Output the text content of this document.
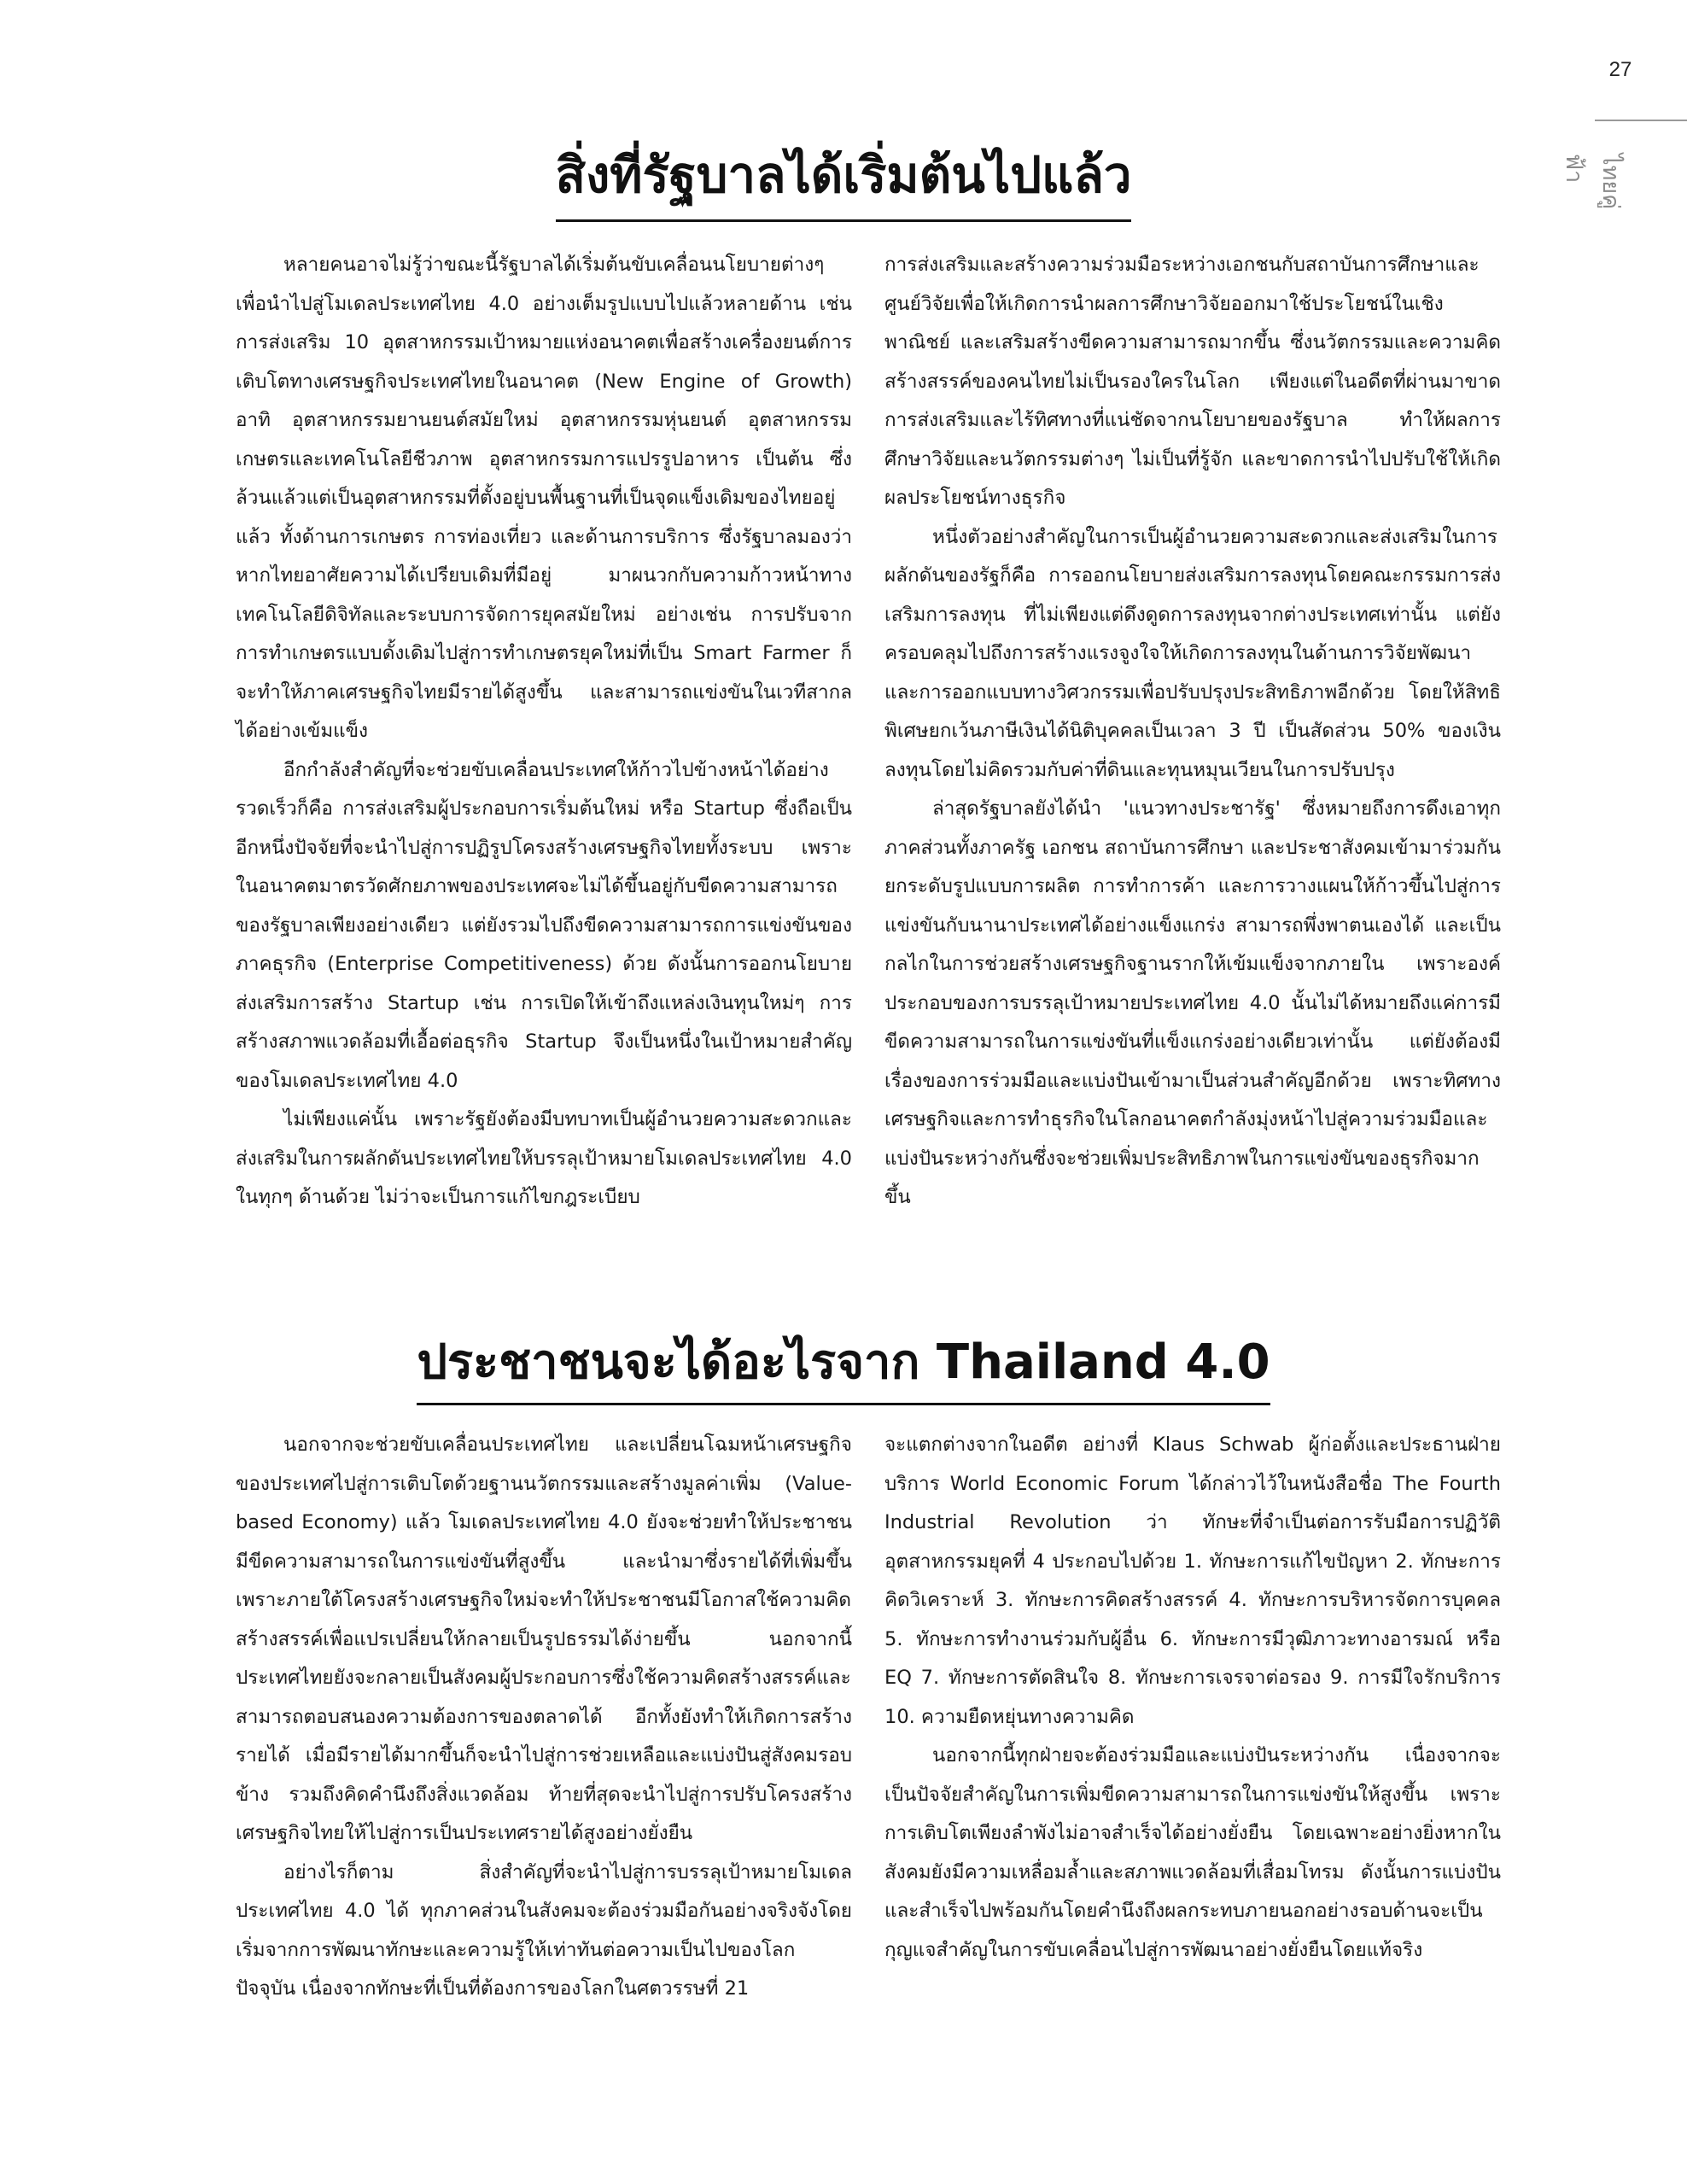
27
ไทยคู่ฟ้า
สิ่งที่รัฐบาลได้เริ่มต้นไปแล้ว

หลายคนอาจไม่รู้ว่าขณะนี้รัฐบาลได้เริ่มต้นขับเคลื่อนนโยบายต่างๆ เพื่อนำไปสู่โมเดลประเทศไทย 4.0 อย่างเต็มรูปแบบไปแล้วหลายด้าน เช่น การส่งเสริม 10 อุตสาหกรรมเป้าหมายแห่งอนาคตเพื่อสร้างเครื่องยนต์การเติบโตทางเศรษฐกิจประเทศไทยในอนาคต (New Engine of Growth) อาทิ อุตสาหกรรมยานยนต์สมัยใหม่ อุตสาหกรรมหุ่นยนต์ อุตสาหกรรมเกษตรและเทคโนโลยีชีวภาพ อุตสาหกรรมการแปรรูปอาหาร เป็นต้น ซึ่งล้วนแล้วแต่เป็นอุตสาหกรรมที่ตั้งอยู่บนพื้นฐานที่เป็นจุดแข็งเดิมของไทยอยู่แล้ว ทั้งด้านการเกษตร การท่องเที่ยว และด้านการบริการ ซึ่งรัฐบาลมองว่าหากไทยอาศัยความได้เปรียบเดิมที่มีอยู่ มาผนวกกับความก้าวหน้าทางเทคโนโลยีดิจิทัลและระบบการจัดการยุคสมัยใหม่ อย่างเช่น การปรับจากการทำเกษตรแบบดั้งเดิมไปสู่การทำเกษตรยุคใหม่ที่เป็น Smart Farmer ก็จะทำให้ภาคเศรษฐกิจไทยมีรายได้สูงขึ้น และสามารถแข่งขันในเวทีสากลได้อย่างเข้มแข็ง

อีกกำลังสำคัญที่จะช่วยขับเคลื่อนประเทศให้ก้าวไปข้างหน้าได้อย่างรวดเร็วก็คือ การส่งเสริมผู้ประกอบการเริ่มต้นใหม่ หรือ Startup ซึ่งถือเป็นอีกหนึ่งปัจจัยที่จะนำไปสู่การปฏิรูปโครงสร้างเศรษฐกิจไทยทั้งระบบ เพราะในอนาคตมาตรวัดศักยภาพของประเทศจะไม่ได้ขึ้นอยู่กับขีดความสามารถของรัฐบาลเพียงอย่างเดียว แต่ยังรวมไปถึงขีดความสามารถการแข่งขันของภาคธุรกิจ (Enterprise Competitiveness) ด้วย ดังนั้นการออกนโยบายส่งเสริมการสร้าง Startup เช่น การเปิดให้เข้าถึงแหล่งเงินทุนใหม่ๆ การสร้างสภาพแวดล้อมที่เอื้อต่อธุรกิจ Startup จึงเป็นหนึ่งในเป้าหมายสำคัญของโมเดลประเทศไทย 4.0

ไม่เพียงแค่นั้น เพราะรัฐยังต้องมีบทบาทเป็นผู้อำนวยความสะดวกและส่งเสริมในการผลักดันประเทศไทยให้บรรลุเป้าหมายโมเดลประเทศไทย 4.0 ในทุกๆ ด้านด้วย ไม่ว่าจะเป็นการแก้ไขกฎระเบียบ

การส่งเสริมและสร้างความร่วมมือระหว่างเอกชนกับสถาบันการศึกษาและศูนย์วิจัยเพื่อให้เกิดการนำผลการศึกษาวิจัยออกมาใช้ประโยชน์ในเชิงพาณิชย์ และเสริมสร้างขีดความสามารถมากขึ้น ซึ่งนวัตกรรมและความคิดสร้างสรรค์ของคนไทยไม่เป็นรองใครในโลก เพียงแต่ในอดีตที่ผ่านมาขาดการส่งเสริมและไร้ทิศทางที่แน่ชัดจากนโยบายของรัฐบาล ทำให้ผลการศึกษาวิจัยและนวัตกรรมต่างๆ ไม่เป็นที่รู้จัก และขาดการนำไปปรับใช้ให้เกิดผลประโยชน์ทางธุรกิจ

หนึ่งตัวอย่างสำคัญในการเป็นผู้อำนวยความสะดวกและส่งเสริมในการผลักดันของรัฐก็คือ การออกนโยบายส่งเสริมการลงทุนโดยคณะกรรมการส่งเสริมการลงทุน ที่ไม่เพียงแต่ดึงดูดการลงทุนจากต่างประเทศเท่านั้น แต่ยังครอบคลุมไปถึงการสร้างแรงจูงใจให้เกิดการลงทุนในด้านการวิจัยพัฒนา และการออกแบบทางวิศวกรรมเพื่อปรับปรุงประสิทธิภาพอีกด้วย โดยให้สิทธิพิเศษยกเว้นภาษีเงินได้นิติบุคคลเป็นเวลา 3 ปี เป็นสัดส่วน 50% ของเงินลงทุนโดยไม่คิดรวมกับค่าที่ดินและทุนหมุนเวียนในการปรับปรุง

ล่าสุดรัฐบาลยังได้นำ 'แนวทางประชารัฐ' ซึ่งหมายถึงการดึงเอาทุกภาคส่วนทั้งภาครัฐ เอกชน สถาบันการศึกษา และประชาสังคมเข้ามาร่วมกันยกระดับรูปแบบการผลิต การทำการค้า และการวางแผนให้ก้าวขึ้นไปสู่การแข่งขันกับนานาประเทศได้อย่างแข็งแกร่ง สามารถพึ่งพาตนเองได้ และเป็นกลไกในการช่วยสร้างเศรษฐกิจฐานรากให้เข้มแข็งจากภายใน เพราะองค์ประกอบของการบรรลุเป้าหมายประเทศไทย 4.0 นั้นไม่ได้หมายถึงแค่การมีขีดความสามารถในการแข่งขันที่แข็งแกร่งอย่างเดียวเท่านั้น แต่ยังต้องมีเรื่องของการร่วมมือและแบ่งปันเข้ามาเป็นส่วนสำคัญอีกด้วย เพราะทิศทางเศรษฐกิจและการทำธุรกิจในโลกอนาคตกำลังมุ่งหน้าไปสู่ความร่วมมือและแบ่งปันระหว่างกันซึ่งจะช่วยเพิ่มประสิทธิภาพในการแข่งขันของธุรกิจมากขึ้น

ประชาชนจะได้อะไรจาก Thailand 4.0

นอกจากจะช่วยขับเคลื่อนประเทศไทย และเปลี่ยนโฉมหน้าเศรษฐกิจของประเทศไปสู่การเติบโตด้วยฐานนวัตกรรมและสร้างมูลค่าเพิ่ม (Value-based Economy) แล้ว โมเดลประเทศไทย 4.0 ยังจะช่วยทำให้ประชาชนมีขีดความสามารถในการแข่งขันที่สูงขึ้น และนำมาซึ่งรายได้ที่เพิ่มขึ้น เพราะภายใต้โครงสร้างเศรษฐกิจใหม่จะทำให้ประชาชนมีโอกาสใช้ความคิดสร้างสรรค์เพื่อแปรเปลี่ยนให้กลายเป็นรูปธรรมได้ง่ายขึ้น นอกจากนี้ประเทศไทยยังจะกลายเป็นสังคมผู้ประกอบการซึ่งใช้ความคิดสร้างสรรค์และสามารถตอบสนองความต้องการของตลาดได้ อีกทั้งยังทำให้เกิดการสร้างรายได้ เมื่อมีรายได้มากขึ้นก็จะนำไปสู่การช่วยเหลือและแบ่งปันสู่สังคมรอบข้าง รวมถึงคิดคำนึงถึงสิ่งแวดล้อม ท้ายที่สุดจะนำไปสู่การปรับโครงสร้างเศรษฐกิจไทยให้ไปสู่การเป็นประเทศรายได้สูงอย่างยั่งยืน

อย่างไรก็ตาม สิ่งสำคัญที่จะนำไปสู่การบรรลุเป้าหมายโมเดลประเทศไทย 4.0 ได้ ทุกภาคส่วนในสังคมจะต้องร่วมมือกันอย่างจริงจังโดยเริ่มจากการพัฒนาทักษะและความรู้ให้เท่าทันต่อความเป็นไปของโลกปัจจุบัน เนื่องจากทักษะที่เป็นที่ต้องการของโลกในศตวรรษที่ 21

จะแตกต่างจากในอดีต อย่างที่ Klaus Schwab ผู้ก่อตั้งและประธานฝ่ายบริการ World Economic Forum ได้กล่าวไว้ในหนังสือชื่อ The Fourth Industrial Revolution ว่า ทักษะที่จำเป็นต่อการรับมือการปฏิวัติอุตสาหกรรมยุคที่ 4 ประกอบไปด้วย 1. ทักษะการแก้ไขปัญหา 2. ทักษะการคิดวิเคราะห์ 3. ทักษะการคิดสร้างสรรค์ 4. ทักษะการบริหารจัดการบุคคล 5. ทักษะการทำงานร่วมกับผู้อื่น 6. ทักษะการมีวุฒิภาวะทางอารมณ์ หรือ EQ 7. ทักษะการตัดสินใจ 8. ทักษะการเจรจาต่อรอง 9. การมีใจรักบริการ 10. ความยืดหยุ่นทางความคิด

นอกจากนี้ทุกฝ่ายจะต้องร่วมมือและแบ่งปันระหว่างกัน เนื่องจากจะเป็นปัจจัยสำคัญในการเพิ่มขีดความสามารถในการแข่งขันให้สูงขึ้น เพราะการเติบโตเพียงลำพังไม่อาจสำเร็จได้อย่างยั่งยืน โดยเฉพาะอย่างยิ่งหากในสังคมยังมีความเหลื่อมล้ำและสภาพแวดล้อมที่เสื่อมโทรม ดังนั้นการแบ่งปันและสำเร็จไปพร้อมกันโดยคำนึงถึงผลกระทบภายนอกอย่างรอบด้านจะเป็นกุญแจสำคัญในการขับเคลื่อนไปสู่การพัฒนาอย่างยั่งยืนโดยแท้จริง
